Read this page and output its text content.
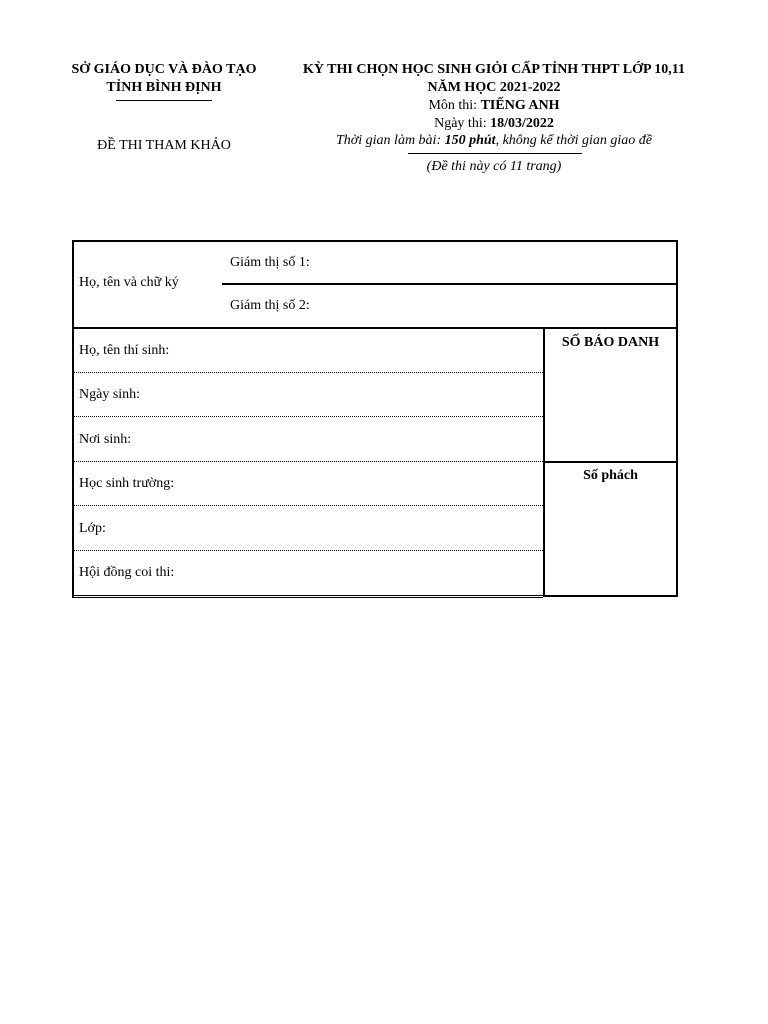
SỞ GIÁO DỤC VÀ ĐÀO TẠO
TỈNH BÌNH ĐỊNH
ĐỀ THI THAM KHẢO
KỲ THI CHỌN HỌC SINH GIỎI CẤP TỈNH THPT LỚP 10,11
NĂM HỌC 2021-2022
Môn thi: TIẾNG ANH
Ngày thi: 18/03/2022
Thời gian làm bài: 150 phút, không kể thời gian giao đề
(Đề thi này có 11 trang)
Họ, tên và chữ ký
Giám thị số 1:
Giám thị số 2:
Họ, tên thí sinh:
Ngày sinh:
Nơi sinh:
Học sinh trường:
Lớp:
Hội đồng coi thi:
SỐ BÁO DANH
Số phách
